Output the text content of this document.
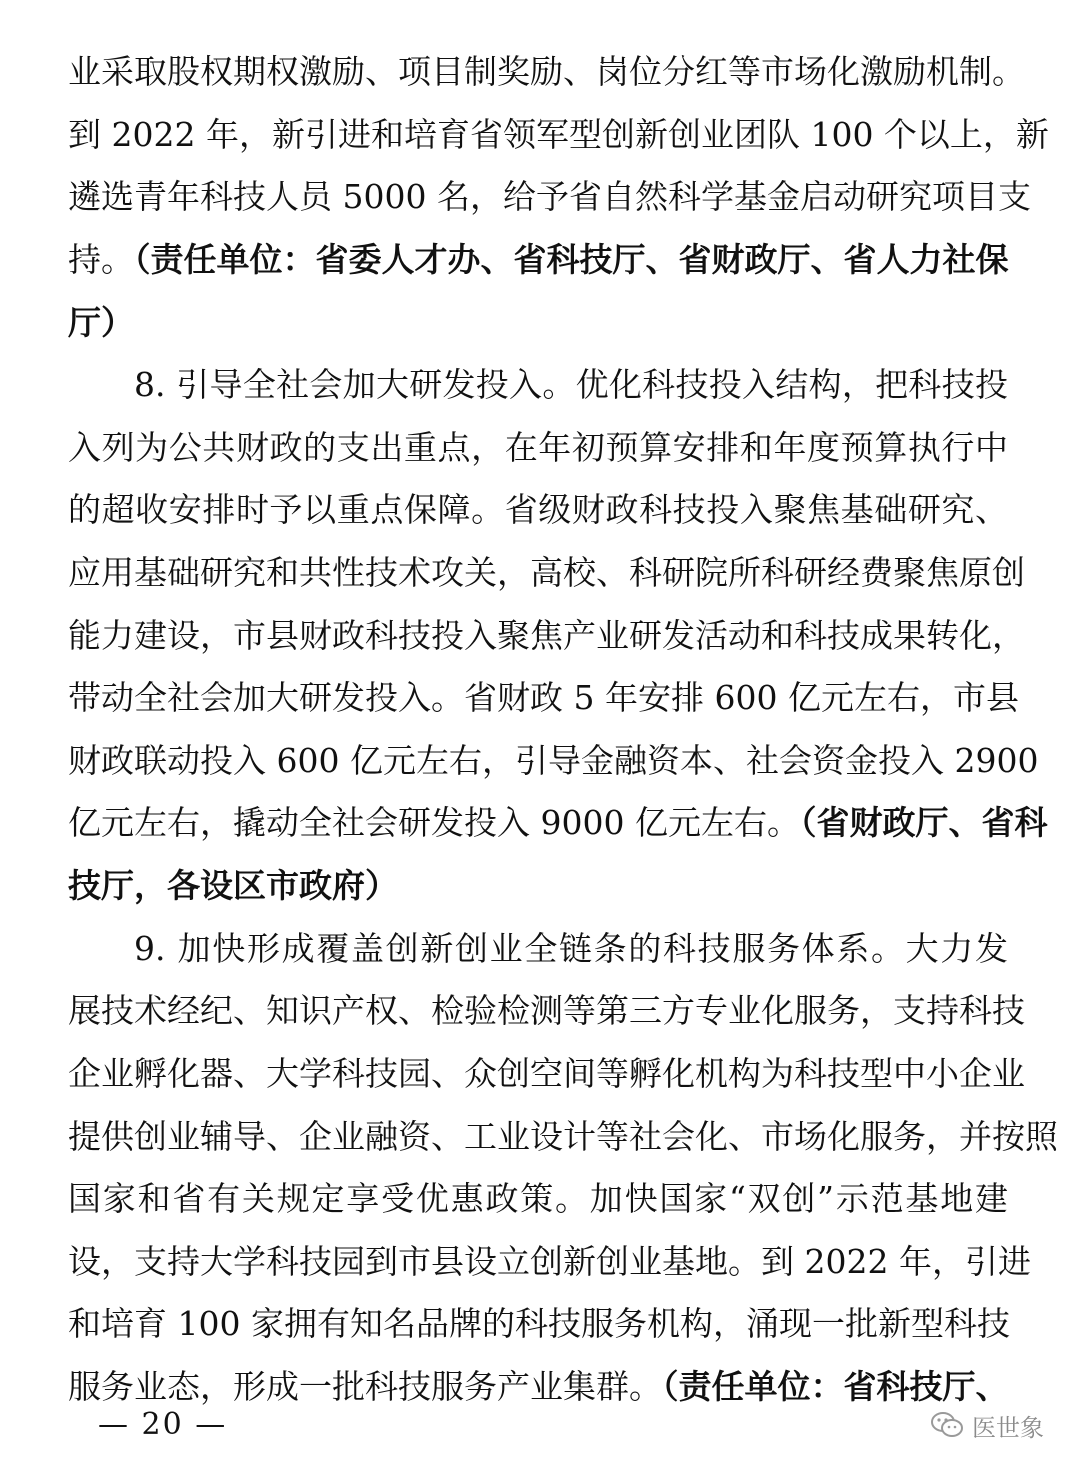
业采取股权期权激励、项目制奖励、岗位分红等市场化激励机制。
到 2022 年，新引进和培育省领军型创新创业团队 100 个以上，新
遴选青年科技人员 5000 名，给予省自然科学基金启动研究项目支
持。（责任单位：省委人才办、省科技厅、省财政厅、省人力社保
厅）
8. 引导全社会加大研发投入。优化科技投入结构，把科技投
入列为公共财政的支出重点，在年初预算安排和年度预算执行中
的超收安排时予以重点保障。省级财政科技投入聚焦基础研究、
应用基础研究和共性技术攻关，高校、科研院所科研经费聚焦原创
能力建设，市县财政科技投入聚焦产业研发活动和科技成果转化，
带动全社会加大研发投入。省财政 5 年安排 600 亿元左右，市县
财政联动投入 600 亿元左右，引导金融资本、社会资金投入 2900
亿元左右，撬动全社会研发投入 9000 亿元左右。（省财政厅、省科
技厅，各设区市政府）
9. 加快形成覆盖创新创业全链条的科技服务体系。大力发
展技术经纪、知识产权、检验检测等第三方专业化服务，支持科技
企业孵化器、大学科技园、众创空间等孵化机构为科技型中小企业
提供创业辅导、企业融资、工业设计等社会化、市场化服务，并按照
国家和省有关规定享受优惠政策。加快国家“双创”示范基地建
设，支持大学科技园到市县设立创新创业基地。到 2022 年，引进
和培育 100 家拥有知名品牌的科技服务机构，涌现一批新型科技
服务业态，形成一批科技服务产业集群。（责任单位：省科技厅、
— 20 —	医世象
